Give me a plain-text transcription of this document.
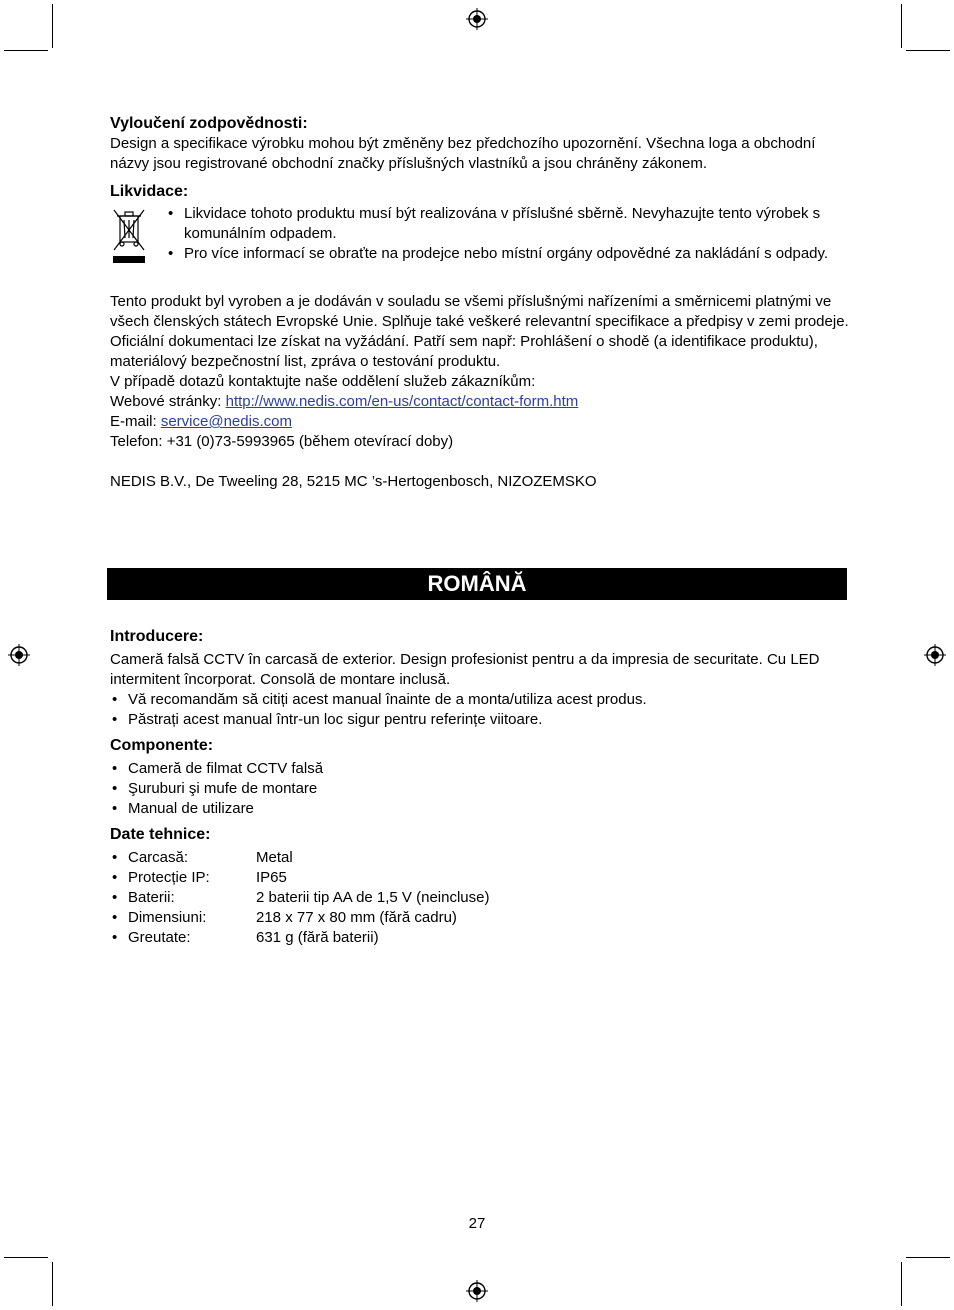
Vyloučení zodpovědnosti:

Design a specifikace výrobku mohou být změněny bez předchozího upozornění. Všechna loga a obchodní názvy jsou registrované obchodní značky příslušných vlastníků a jsou chráněny zákonem.

Likvidace:
• Likvidace tohoto produktu musí být realizována v příslušné sběrně. Nevyhazujte tento výrobek s komunálním odpadem.
• Pro více informací se obraťte na prodejce nebo místní orgány odpovědné za nakládání s odpady.

Tento produkt byl vyroben a je dodáván v souladu se všemi příslušnými nařízeními a směrnicemi platnými ve všech členských státech Evropské Unie. Splňuje také veškeré relevantní specifikace a předpisy v zemi prodeje.

Oficiální dokumentaci lze získat na vyžádání. Patří sem např: Prohlášení o shodě (a identifikace produktu), materiálový bezpečnostní list, zpráva o testování produktu.

V případě dotazů kontaktujte naše oddělení služeb zákazníkům:

Webové stránky: http://www.nedis.com/en-us/contact/contact-form.htm

E-mail: service@nedis.com

Telefon: +31 (0)73-5993965 (během otevírací doby)

NEDIS B.V., De Tweeling 28, 5215 MC ’s-Hertogenbosch, NIZOZEMSKO

ROMÂNĂ
Introducere:

Cameră falsă CCTV în carcasă de exterior. Design profesionist pentru a da impresia de securitate. Cu LED intermitent încorporat. Consolă de montare inclusă.

• Vă recomandăm să citiți acest manual înainte de a monta/utiliza acest produs.
• Păstrați acest manual într-un loc sigur pentru referințe viitoare.
Componente:
• Cameră de filmat CCTV falsă
• Şuruburi şi mufe de montare
• Manual de utilizare
Date tehnice:
• Carcasă:	Metal
• Protecție IP:	IP65
• Baterii:	2 baterii tip AA de 1,5 V (neincluse)
• Dimensiuni:	218 x 77 x 80 mm (fără cadru)
• Greutate:	631 g (fără baterii)
27
